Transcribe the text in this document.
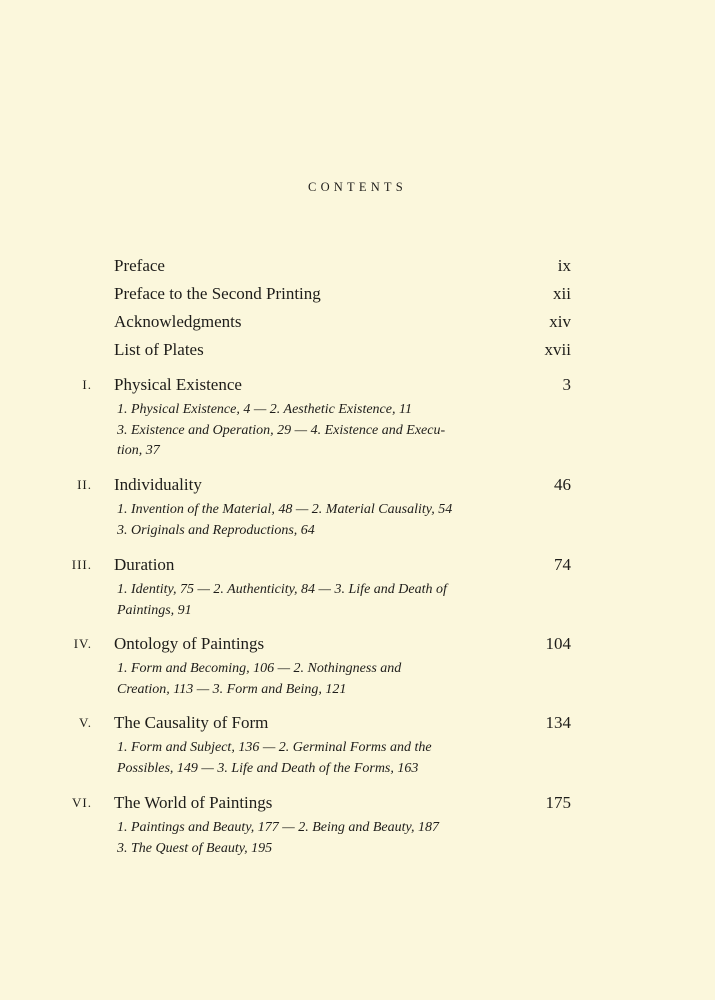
CONTENTS
Preface	ix
Preface to the Second Printing	xii
Acknowledgments	xiv
List of Plates	xvii
I. Physical Existence	3
1. Physical Existence, 4 — 2. Aesthetic Existence, 11
3. Existence and Operation, 29 — 4. Existence and Execu-
tion, 37
II. Individuality	46
1. Invention of the Material, 48 — 2. Material Causality, 54
3. Originals and Reproductions, 64
III. Duration	74
1. Identity, 75 — 2. Authenticity, 84 — 3. Life and Death of
Paintings, 91
IV. Ontology of Paintings	104
1. Form and Becoming, 106 — 2. Nothingness and
Creation, 113 — 3. Form and Being, 121
V. The Causality of Form	134
1. Form and Subject, 136 — 2. Germinal Forms and the
Possibles, 149 — 3. Life and Death of the Forms, 163
VI. The World of Paintings	175
1. Paintings and Beauty, 177 — 2. Being and Beauty, 187
3. The Quest of Beauty, 195
